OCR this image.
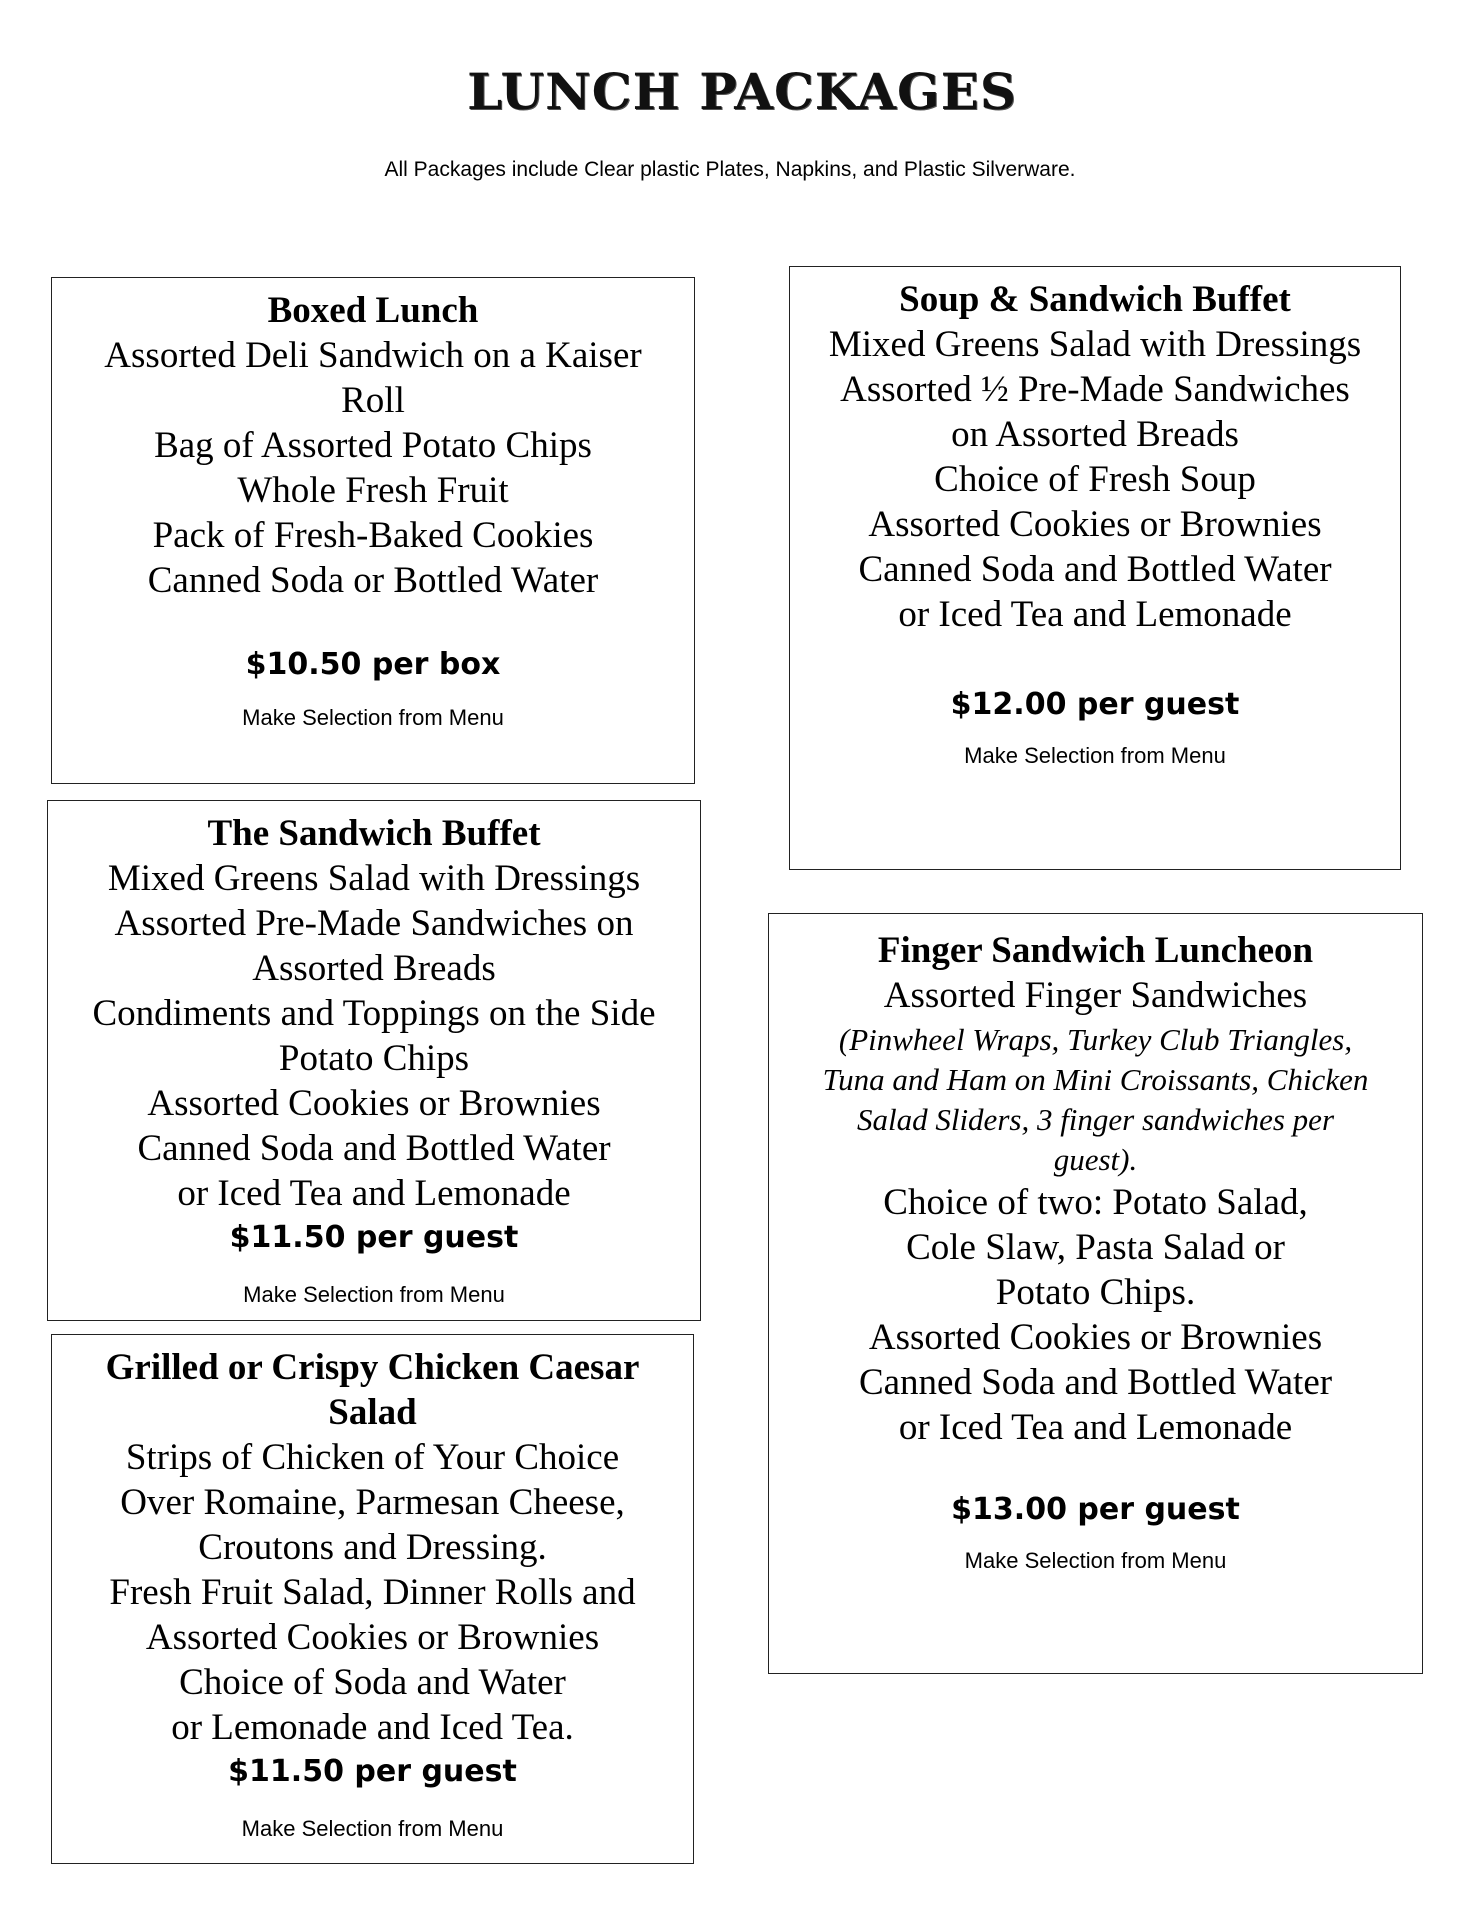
LUNCH PACKAGES
All Packages include Clear plastic Plates, Napkins, and Plastic Silverware.
Boxed Lunch
Assorted Deli Sandwich on a Kaiser
Roll
Bag of Assorted Potato Chips
Whole Fresh Fruit
Pack of Fresh-Baked Cookies
Canned Soda or Bottled Water
$10.50 per box
Make Selection from Menu
Soup & Sandwich Buffet
Mixed Greens Salad with Dressings
Assorted ½ Pre-Made Sandwiches
on Assorted Breads
Choice of Fresh Soup
Assorted Cookies or Brownies
Canned Soda and Bottled Water
or Iced Tea and Lemonade
$12.00 per guest
Make Selection from Menu
The Sandwich Buffet
Mixed Greens Salad with Dressings
Assorted Pre-Made Sandwiches on
Assorted Breads
Condiments and Toppings on the Side
Potato Chips
Assorted Cookies or Brownies
Canned Soda and Bottled Water
or Iced Tea and Lemonade
$11.50 per guest
Make Selection from Menu
Finger Sandwich Luncheon
Assorted Finger Sandwiches
(Pinwheel Wraps, Turkey Club Triangles,
Tuna and Ham on Mini Croissants, Chicken
Salad Sliders, 3 finger sandwiches per
guest).
Choice of two: Potato Salad,
Cole Slaw, Pasta Salad or
Potato Chips.
Assorted Cookies or Brownies
Canned Soda and Bottled Water
or Iced Tea and Lemonade
$13.00 per guest
Make Selection from Menu
Grilled or Crispy Chicken Caesar
Salad
Strips of Chicken of Your Choice
Over Romaine, Parmesan Cheese,
Croutons and Dressing.
Fresh Fruit Salad, Dinner Rolls and
Assorted Cookies or Brownies
Choice of Soda and Water
or Lemonade and Iced Tea.
$11.50 per guest
Make Selection from Menu
